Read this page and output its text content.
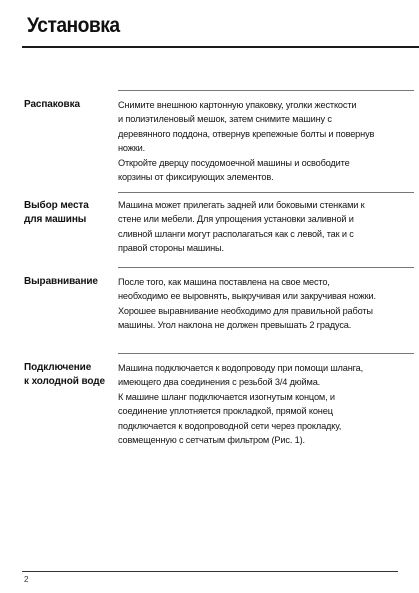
Установка
Распаковка	Снимите внешнюю картонную упаковку, уголки жесткости
и полиэтиленовый мешок, затем снимите машину с
деревянного поддона, отвернув крепежные болты и повернув
ножки.
Откройте дверцу посудомоечной машины и освободите
корзины от фиксирующих элементов.
Выбор места
для машины
Машина может прилегать задней или боковыми стенками к
стене или мебели. Для упрощения установки заливной и
сливной шланги могут располагаться как с левой, так и с
правой стороны машины.
Выравнивание	После того, как машина поставлена на свое место,
необходимо ее выровнять, выкручивая или закручивая ножки.
Хорошее выравнивание необходимо для правильной работы
машины. Угол наклона не должен превышать 2 градуса.
Подключение
к холодной воде
Машина подключается к водопроводу при помощи шланга,
имеющего два соединения с резьбой 3/4 дюйма.
К машине шланг подключается изогнутым концом, и
соединение уплотняется прокладкой, прямой конец
подключается к водопроводной сети через прокладку,
совмещенную с сетчатым фильтром (Рис. 1).
2
